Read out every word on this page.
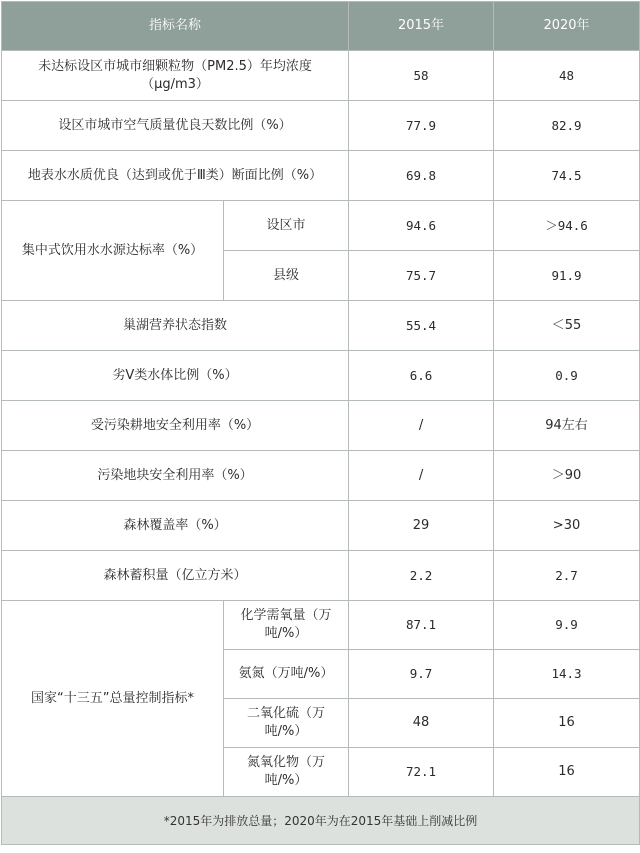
指标名称		2015年	2020年
未达标设区市城市细颗粒物（PM2.5）年均浓度 （μg/m3）		58	48
设区市城市空气质量优良天数比例（%）		77.9	82.9
地表水水质优良（达到或优于Ⅲ类）断面比例（%）		69.8	74.5
集中式饮用水水源达标率（%）	设区市	94.6	＞94.6
	县级	75.7	91.9
巢湖营养状态指数		55.4	＜55
劣Ⅴ类水体比例（%）		6.6	0.9
受污染耕地安全利用率（%）		/	94左右
污染地块安全利用率（%）		/	＞90
森林覆盖率（%）		29	>30
森林蓄积量（亿立方米）		2.2	2.7
国家“十三五”总量控制指标*	化学需氧量（万吨/%）	87.1	9.9
	氨氮（万吨/%）	9.7	14.3
	二氧化硫（万吨/%）	48	16
	氮氧化物（万吨/%）	72.1	16
*2015年为排放总量；2020年为在2015年基础上削减比例			
